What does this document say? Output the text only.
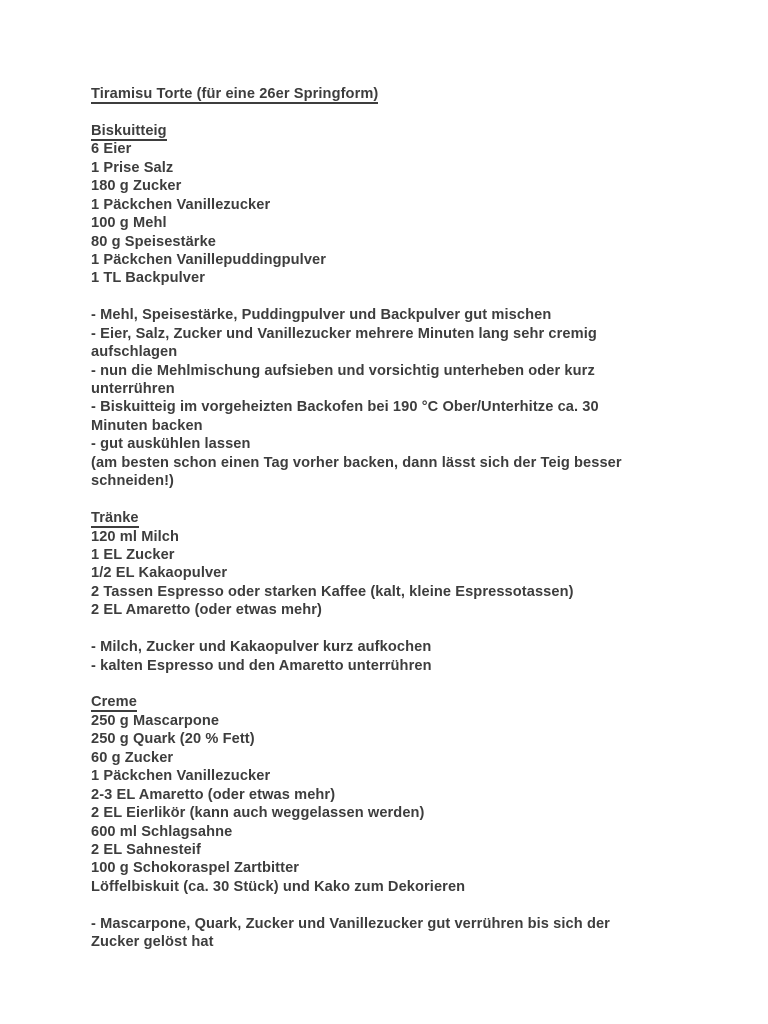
Tiramisu Torte (für eine 26er Springform)
Biskuitteig
6 Eier
1 Prise Salz
180 g Zucker
1 Päckchen Vanillezucker
100 g Mehl
80 g Speisestärke
1 Päckchen Vanillepuddingpulver
1 TL Backpulver
- Mehl, Speisestärke, Puddingpulver und Backpulver gut mischen
- Eier, Salz, Zucker und Vanillezucker mehrere Minuten lang sehr cremig
aufschlagen
- nun die Mehlmischung aufsieben und vorsichtig unterheben oder kurz
unterrühren
- Biskuitteig im vorgeheizten Backofen bei 190 °C Ober/Unterhitze ca. 30
Minuten backen
- gut auskühlen lassen
(am besten schon einen Tag vorher backen, dann lässt sich der Teig besser
schneiden!)
Tränke
120 ml Milch
1 EL Zucker
1/2 EL Kakaopulver
2 Tassen Espresso oder starken Kaffee (kalt, kleine Espressotassen)
2 EL Amaretto (oder etwas mehr)
- Milch, Zucker und Kakaopulver kurz aufkochen
- kalten Espresso und den Amaretto unterrühren
Creme
250 g Mascarpone
250 g Quark (20 % Fett)
60 g Zucker
1 Päckchen Vanillezucker
2-3 EL Amaretto (oder etwas mehr)
2 EL Eierlikör (kann auch weggelassen werden)
600 ml Schlagsahne
2 EL Sahnesteif
100 g Schokoraspel Zartbitter
Löffelbiskuit (ca. 30 Stück) und Kako zum Dekorieren
- Mascarpone, Quark, Zucker und Vanillezucker gut verrühren bis sich der
Zucker gelöst hat
